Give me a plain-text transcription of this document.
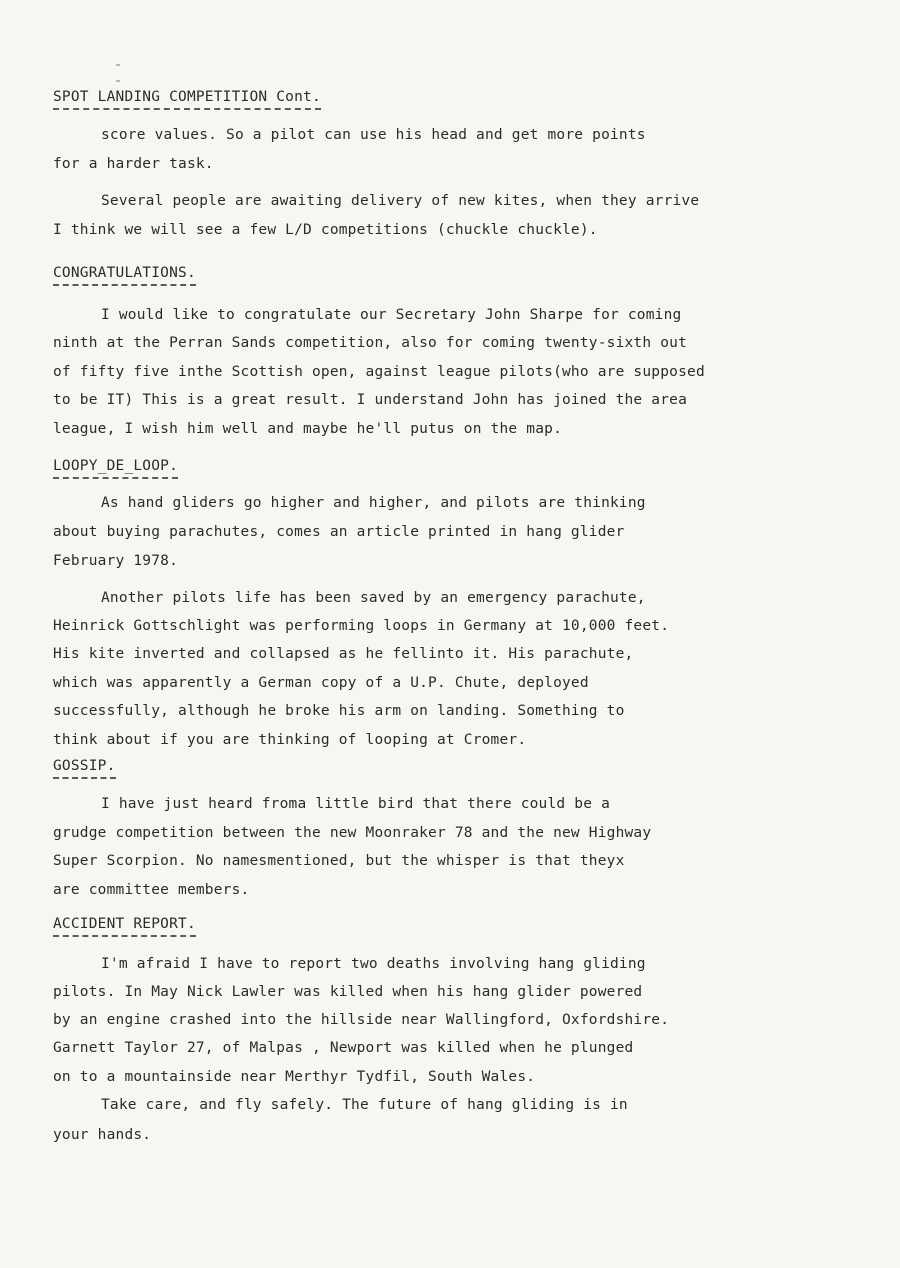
SPOT LANDING COMPETITION Cont.

score values. So a pilot can use his head and get more points

for a harder task.

Several people are awaiting delivery of new kites, when they arrive

I think we will see a few L/D competitions (chuckle chuckle).

CONGRATULATIONS.

I would like to congratulate our Secretary John Sharpe for coming

ninth at the Perran Sands competition, also for coming twenty-sixth out

of fifty five inthe Scottish open, against league pilots(who are supposed

to be IT) This is a great result. I understand John has joined the area

league, I wish him well and maybe he'll putus on the map.

LOOPY_DE_LOOP.

As hand gliders go higher and higher, and pilots are thinking

about buying parachutes, comes an article printed in hang glider

February 1978.

Another pilots life has been saved by an emergency parachute,

Heinrick Gottschlight was performing loops in Germany at 10,000 feet.

His kite inverted and collapsed as he fellinto it. His parachute,

which was apparently a German copy of a U.P. Chute, deployed

successfully, although he broke his arm on landing. Something to

think about if you are thinking of looping at Cromer.

GOSSIP.

I have just heard froma little bird that there could be a

grudge competition between the new Moonraker 78 and the new Highway

Super Scorpion. No namesmentioned, but the whisper is that theyx

are committee members.

ACCIDENT REPORT.

I'm afraid I have to report two deaths involving hang gliding

pilots. In May Nick Lawler was killed when his hang glider powered

by an engine crashed into the hillside near Wallingford, Oxfordshire.

Garnett Taylor 27, of Malpas , Newport was killed when he plunged

on to a mountainside near Merthyr Tydfil, South Wales.

Take care, and fly safely. The future of hang gliding is in

your hands.
